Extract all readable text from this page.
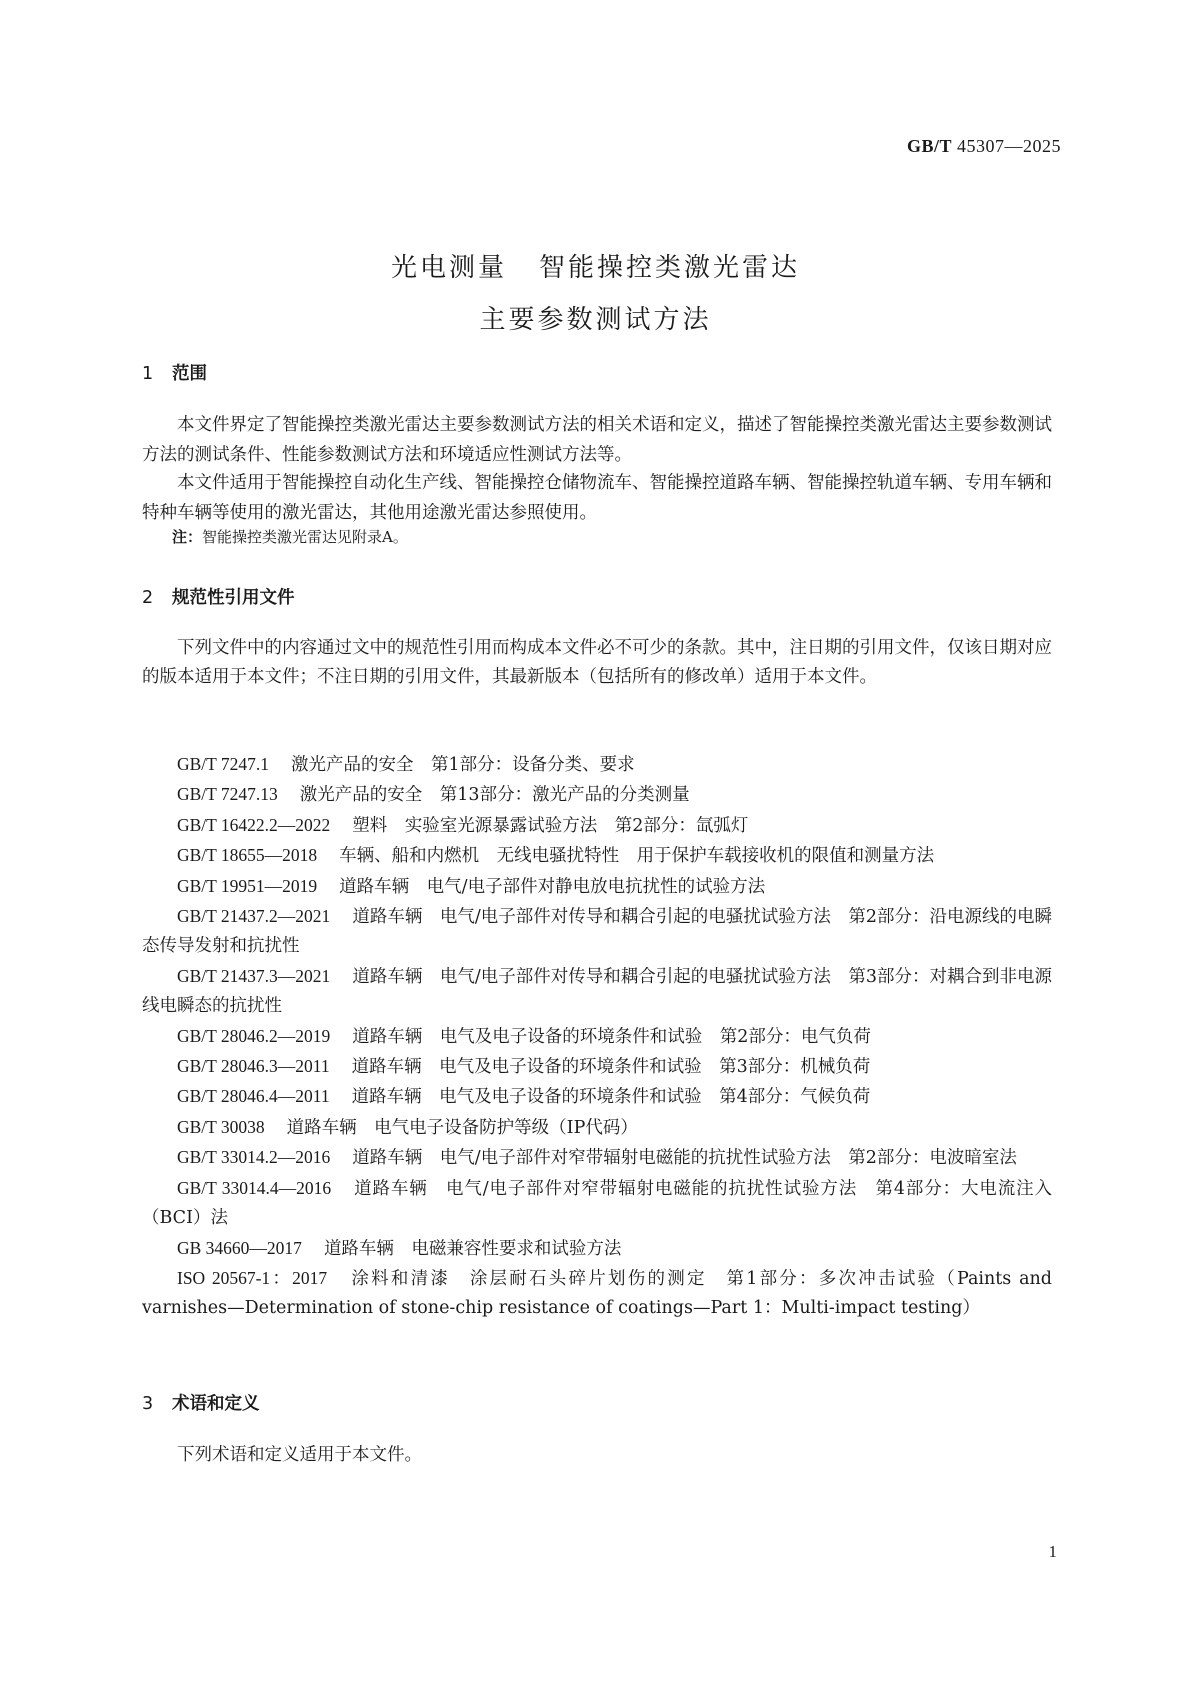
GB/T 45307—2025
光电测量 智能操控类激光雷达
主要参数测试方法
1 范围
本文件界定了智能操控类激光雷达主要参数测试方法的相关术语和定义，描述了智能操控类激光雷达主要参数测试方法的测试条件、性能参数测试方法和环境适应性测试方法等。
本文件适用于智能操控自动化生产线、智能操控仓储物流车、智能操控道路车辆、智能操控轨道车辆、专用车辆和特种车辆等使用的激光雷达，其他用途激光雷达参照使用。
注：智能操控类激光雷达见附录A。
2 规范性引用文件
下列文件中的内容通过文中的规范性引用而构成本文件必不可少的条款。其中，注日期的引用文件，仅该日期对应的版本适用于本文件；不注日期的引用文件，其最新版本（包括所有的修改单）适用于本文件。
GB/T 7247.1 激光产品的安全　第1部分：设备分类、要求
GB/T 7247.13 激光产品的安全　第13部分：激光产品的分类测量
GB/T 16422.2—2022 塑料　实验室光源暴露试验方法　第2部分：氙弧灯
GB/T 18655—2018 车辆、船和内燃机　无线电骚扰特性　用于保护车载接收机的限值和测量方法
GB/T 19951—2019 道路车辆　电气/电子部件对静电放电抗扰性的试验方法
GB/T 21437.2—2021 道路车辆　电气/电子部件对传导和耦合引起的电骚扰试验方法　第2部分：沿电源线的电瞬态传导发射和抗扰性
GB/T 21437.3—2021 道路车辆　电气/电子部件对传导和耦合引起的电骚扰试验方法　第3部分：对耦合到非电源线电瞬态的抗扰性
GB/T 28046.2—2019 道路车辆　电气及电子设备的环境条件和试验　第2部分：电气负荷
GB/T 28046.3—2011 道路车辆　电气及电子设备的环境条件和试验　第3部分：机械负荷
GB/T 28046.4—2011 道路车辆　电气及电子设备的环境条件和试验　第4部分：气候负荷
GB/T 30038 道路车辆　电气电子设备防护等级（IP代码）
GB/T 33014.2—2016 道路车辆　电气/电子部件对窄带辐射电磁能的抗扰性试验方法　第2部分：电波暗室法
GB/T 33014.4—2016 道路车辆　电气/电子部件对窄带辐射电磁能的抗扰性试验方法　第4部分：大电流注入（BCI）法
GB 34660—2017 道路车辆　电磁兼容性要求和试验方法
ISO 20567-1：2017 涂料和清漆　涂层耐石头碎片划伤的测定　第1部分：多次冲击试验（Paints and varnishes—Determination of stone-chip resistance of coatings—Part 1：Multi-impact testing）
3 术语和定义
下列术语和定义适用于本文件。
1
